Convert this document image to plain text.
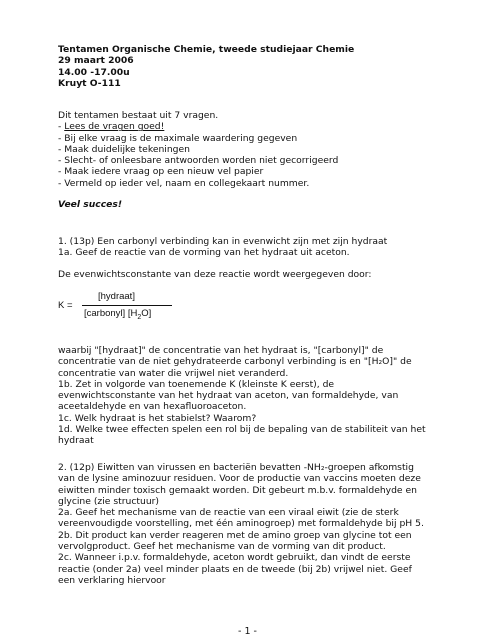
Tentamen Organische Chemie, tweede studiejaar Chemie
29 maart 2006
14.00 -17.00u
Kruyt O-111
Dit tentamen bestaat uit 7 vragen.
- Lees de vragen goed!
- Bij elke vraag is de maximale waardering gegeven
- Maak duidelijke tekeningen
- Slecht- of onleesbare antwoorden worden niet gecorrigeerd
- Maak iedere vraag op een nieuw vel papier
- Vermeld op ieder vel, naam en collegekaart nummer.
Veel succes!
1. (13p) Een carbonyl verbinding kan in evenwicht zijn met zijn hydraat
1a. Geef de reactie van de vorming van het hydraat uit aceton.
De evenwichtsconstante van deze reactie wordt weergegeven door:
K =
[hydraat]
[carbonyl] $[H_2O]$
waarbij "[hydraat]" de concentratie van het hydraat is, "[carbonyl]" de
concentratie van de niet gehydrateerde carbonyl verbinding is en "[H₂O]" de
concentratie van water die vrijwel niet veranderd.
1b. Zet in volgorde van toenemende K (kleinste K eerst), de
evenwichtsconstante van het hydraat van aceton, van formaldehyde, van
aceetaldehyde en van hexafluoroaceton.
1c. Welk hydraat is het stabielst? Waarom?
1d. Welke twee effecten spelen een rol bij de bepaling van de stabiliteit van het
hydraat
2. (12p) Eiwitten van virussen en bacteriën bevatten -NH₂-groepen afkomstig
van de lysine aminozuur residuen. Voor de productie van vaccins moeten deze
eiwitten minder toxisch gemaakt worden. Dit gebeurt m.b.v. formaldehyde en
glycine (zie structuur)
2a. Geef het mechanisme van de reactie van een viraal eiwit (zie de sterk
vereenvoudigde voorstelling, met één aminogroep) met formaldehyde bij pH 5.
2b. Dit product kan verder reageren met de amino groep van glycine tot een
vervolgproduct. Geef het mechanisme van de vorming van dit product.
2c. Wanneer i.p.v. formaldehyde, aceton wordt gebruikt, dan vindt de eerste
reactie (onder 2a) veel minder plaats en de tweede (bij 2b) vrijwel niet. Geef
een verklaring hiervoor
- 1 -
